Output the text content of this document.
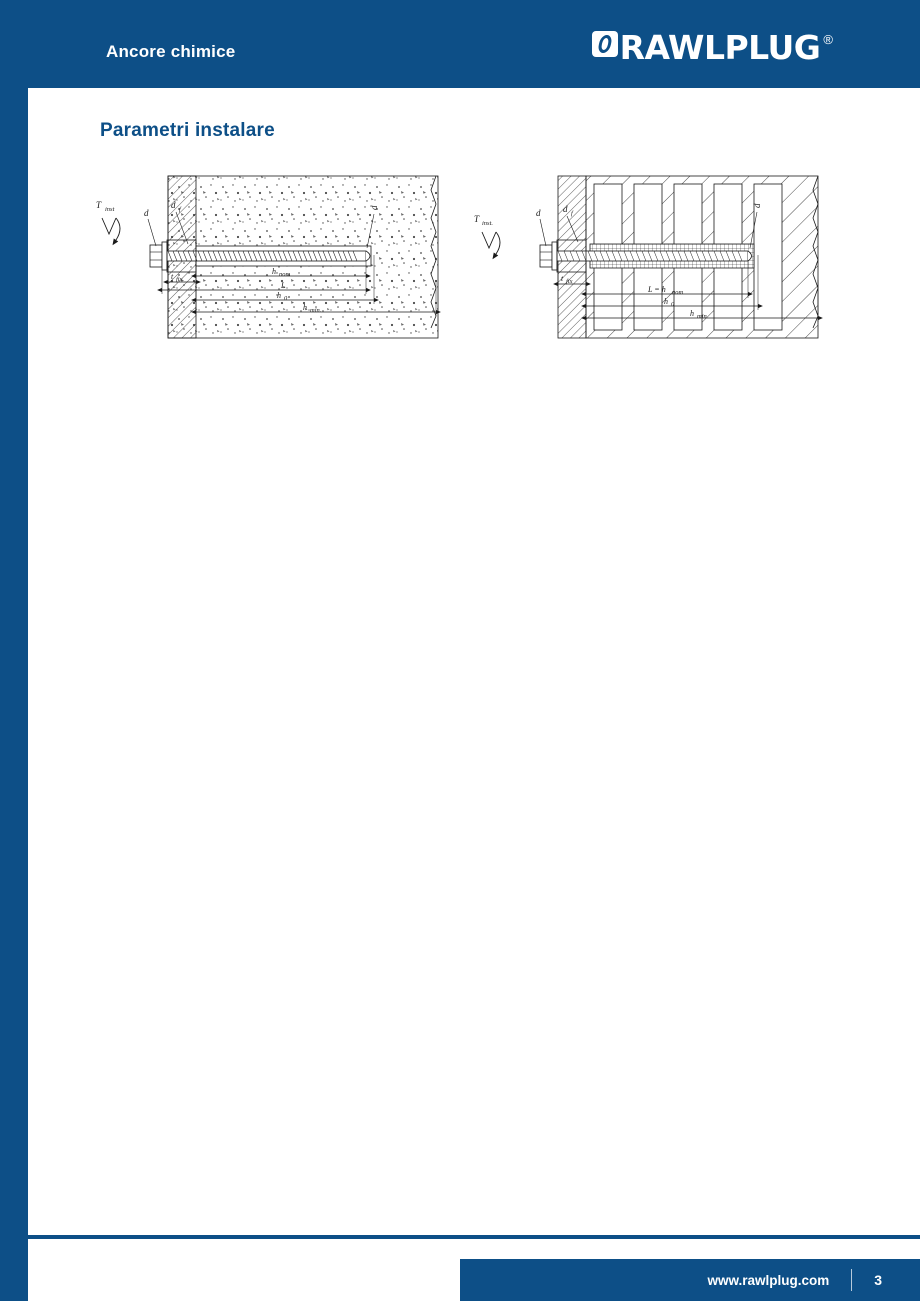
Ancore chimice	RAWLPLUG ®
Parametri instalare
T inst	d f
d
d
t fix
h nom
L
h 0
h min.
T inst.
d f
d
d
t fix
L = h nom
h 0
h min
www.rawlplug.com	3
